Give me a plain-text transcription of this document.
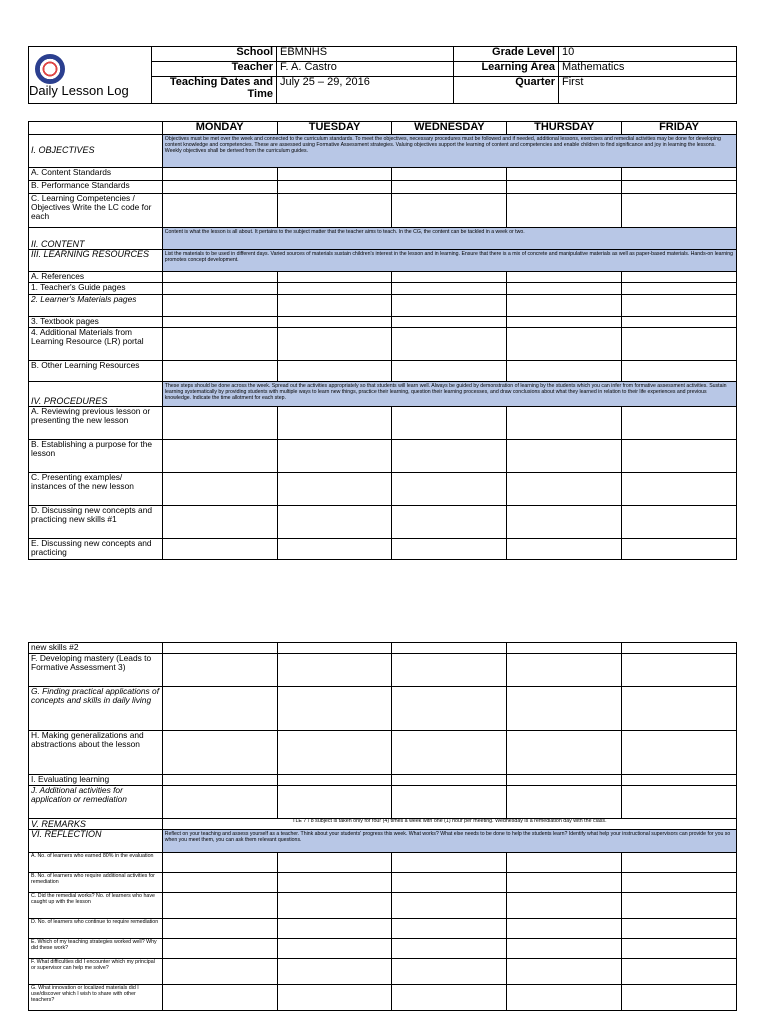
Daily Lesson Log	School	EBMNHS	Grade Level	10
	Teacher	F. A. Castro	Learning Area	Mathematics
	Teaching Dates and Time	July 25 – 29, 2016	Quarter	First
	MONDAY	TUESDAY	WEDNESDAY	THURSDAY	FRIDAY
I. OBJECTIVES	Objectives must be met over the week and connected to the curriculum standards. To meet the objectives, necessary procedures must be followed and if needed, additional lessons, exercises and remedial activities may be done for developing content knowledge and competencies. These are assessed using Formative Assessment strategies. Valuing objectives support the learning of content and competencies and enable children to find significance and joy in learning the lessons. Weekly objectives shall be derived from the curriculum guides.				
A. Content Standards					
B. Performance Standards					
C. Learning Competencies / Objectives Write the LC code for each					
II. CONTENT	Content is what the lesson is all about. It pertains to the subject matter that the teacher aims to teach. In the CG, the content can be tackled in a week or two.				
III. LEARNING RESOURCES	List the materials to be used in different days. Varied sources of materials sustain children's interest in the lesson and in learning. Ensure that there is a mix of concrete and manipulative materials as well as paper-based materials. Hands-on learning promotes concept development.				
A. References					
1. Teacher's Guide pages					
2. Learner's Materials pages					
3. Textbook pages					
4. Additional Materials from Learning Resource (LR) portal					
B. Other Learning Resources					
IV. PROCEDURES	These steps should be done across the week. Spread out the activities appropriately so that students will learn well. Always be guided by demonstration of learning by the students which you can infer from formative assessment activities. Sustain learning systematically by providing students with multiple ways to learn new things, practice their learning, question their learning processes, and draw conclusions about what they learned in relation to their life experiences and previous knowledge. Indicate the time allotment for each step.				
A. Reviewing previous lesson or presenting the new lesson					
B. Establishing a purpose for the lesson					
C. Presenting examples/ instances of the new lesson					
D. Discussing new concepts and practicing new skills #1					
E. Discussing new concepts and practicing					
new skills #2					
F. Developing mastery (Leads to Formative Assessment 3)					
G. Finding practical applications of concepts and skills in daily living					
H. Making generalizations and abstractions about the lesson					
I. Evaluating learning					
J. Additional activities for application or remediation					
V. REMARKS	TLE 7 / 8 subject is taken only for four (4) times a week with one (1) hour per meeting. Wednesday is a remediation day with the class.				
VI. REFLECTION	Reflect on your teaching and assess yourself as a teacher. Think about your students' progress this week. What works? What else needs to be done to help the students learn? Identify what help your instructional supervisors can provide for you so when you meet them, you can ask them relevant questions.				
A. No. of learners who earned 80% in the evaluation					
B. No. of learners who require additional activities for remediation					
C. Did the remedial works? No. of learners who have caught up with the lesson					
D. No. of learners who continue to require remediation					
E. Which of my teaching strategies worked well? Why did these work?					
F. What difficulties did I encounter which my principal or supervisor can help me solve?					
G. What innovation or localized materials did I use/discover which I wish to share with other teachers?					
